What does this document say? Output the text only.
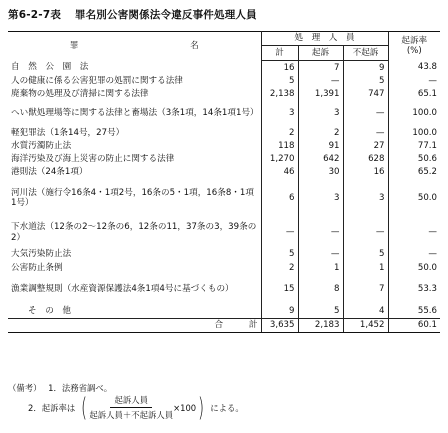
第6-2-7表 罪名別公害関係法令違反事件処理人員
罪　　　　　　　　　　　　　名	処　理　人　員			起訴率
(%)
	計	起訴	不起訴	
自　然　公　園　法	16	7	9	43.8
人の健康に係る公害犯罪の処罰に関する法律	5	—	5	—
廃棄物の処理及び清掃に関する法律	2,138	1,391	747	65.1
へい獣処理場等に関する法律と畜場法（3条1項，14条1項1号）	3	3	—	100.0
軽犯罪法（1条14号，27号）	2	2	—	100.0
水質汚濁防止法	118	91	27	77.1
海洋汚染及び海上災害の防止に関する法律	1,270	642	628	50.6
港則法（24条1項）	46	30	16	65.2
河川法（施行令16条4・1項2号，16条の5・1項，16条8・1項1号）	6	3	3	50.0
下水道法（12条の2～12条の6，12条の11，37条の3，39条の2）	—	—	—	—
大気汚染防止法	5	—	5	—
公害防止条例	2	1	1	50.0
漁業調整規則（水産資源保護法4条1項4号に基づくもの）	15	8	7	53.3
そ　の　他	9	5	4	55.6
合　　　計	3,635	2,183	1,452	60.1
（備考） 1．法務省調べ。
2．起訴率は ( $\frac{\text{起訴人員}}{\text{起訴人員＋不起訴人員}} \times 100$ ) による。
